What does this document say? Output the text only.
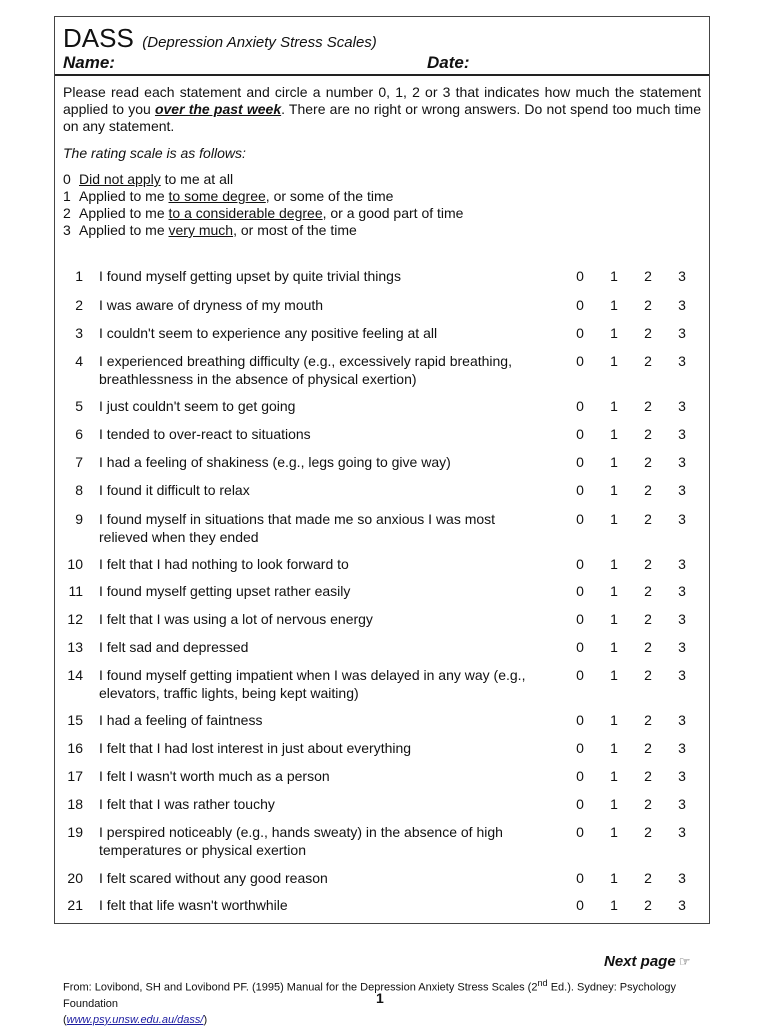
DASS (Depression Anxiety Stress Scales)
Name:	Date:
Please read each statement and circle a number 0, 1, 2 or 3 that indicates how much the statement applied to you over the past week. There are no right or wrong answers. Do not spend too much time on any statement.
The rating scale is as follows:
0 Did not apply to me at all
1 Applied to me to some degree, or some of the time
2 Applied to me to a considerable degree, or a good part of time
3 Applied to me very much, or most of the time
1 I found myself getting upset by quite trivial things	0 1 2 3
2 I was aware of dryness of my mouth	0 1 2 3
3 I couldn't seem to experience any positive feeling at all	0 1 2 3
4 I experienced breathing difficulty (e.g., excessively rapid breathing, breathlessness in the absence of physical exertion)
0 1 2 3
5 I just couldn't seem to get going	0 1 2 3
6 I tended to over-react to situations	0 1 2 3
7 I had a feeling of shakiness (e.g., legs going to give way)	0 1 2 3
8 I found it difficult to relax	0 1 2 3
9 I found myself in situations that made me so anxious I was most relieved when they ended
0 1 2 3
10 I felt that I had nothing to look forward to	0 1 2 3
11 I found myself getting upset rather easily	0 1 2 3
12 I felt that I was using a lot of nervous energy	0 1 2 3
13 I felt sad and depressed	0 1 2 3
14 I found myself getting impatient when I was delayed in any way (e.g., elevators, traffic lights, being kept waiting)
0 1 2 3
15 I had a feeling of faintness	0 1 2 3
16 I felt that I had lost interest in just about everything	0 1 2 3
17 I felt I wasn't worth much as a person	0 1 2 3
18 I felt that I was rather touchy	0 1 2 3
19 I perspired noticeably (e.g., hands sweaty) in the absence of high temperatures or physical exertion
0 1 2 3
20 I felt scared without any good reason	0 1 2 3
21 I felt that life wasn't worthwhile	0 1 2 3
Next page ☞
From: Lovibond, SH and Lovibond PF. (1995) Manual for the Depression Anxiety Stress Scales (2nd Ed.). Sydney: Psychology Foundation
(www.psy.unsw.edu.au/dass/)
1
